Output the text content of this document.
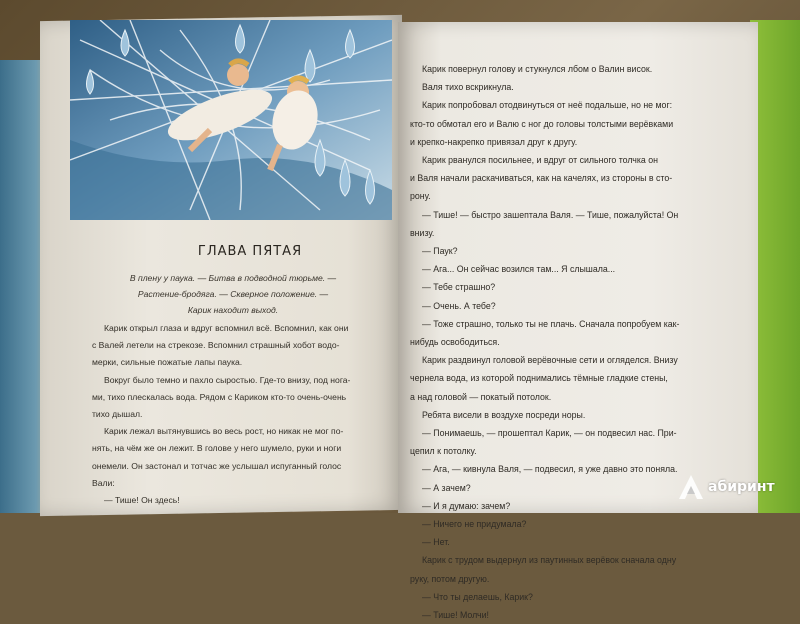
ГЛАВА ПЯТАЯ
В плену у паука. — Битва в подводной тюрьме. —
Растение-бродяга. — Скверное положение. —
Карик находит выход.
Карик открыл глаза и вдруг вспомнил всё. Вспомнил, как они
с Валей летели на стрекозе. Вспомнил страшный хобот водо-
мерки, сильные пожатые лапы паука.
Вокруг было темно и пахло сыростью. Где-то внизу, под нога-
ми, тихо плескалась вода. Рядом с Кариком кто-то очень-очень
тихо дышал.
Карик лежал вытянувшись во весь рост, но никак не мог по-
нять, на чём же он лежит. В голове у него шумело, руки и ноги
онемели. Он застонал и тотчас же услышал испуганный голос
Вали:
— Тише! Он здесь!
Карик повернул голову и стукнулся лбом о Валин висок.
Валя тихо вскрикнула.
Карик попробовал отодвинуться от неё подальше, но не мог:
кто-то обмотал его и Валю с ног до головы толстыми верёвками
и крепко-накрепко привязал друг к другу.
Карик рванулся посильнее, и вдруг от сильного толчка он
и Валя начали раскачиваться, как на качелях, из стороны в сто-
рону.
— Тише! — быстро зашептала Валя. — Тише, пожалуйста! Он
внизу.
— Паук?
— Ага... Он сейчас возился там... Я слышала...
— Тебе страшно?
— Очень. А тебе?
— Тоже страшно, только ты не плачь. Сначала попробуем как-
нибудь освободиться.
Карик раздвинул головой верёвочные сети и огляделся. Внизу
чернела вода, из которой поднимались тёмные гладкие стены,
а над головой — покатый потолок.
Ребята висели в воздухе посреди норы.
— Понимаешь, — прошептал Карик, — он подвесил нас. При-
цепил к потолку.
— Ага, — кивнула Валя, — подвесил, я уже давно это поняла.
— А зачем?
— И я думаю: зачем?
— Ничего не придумала?
— Нет.
Карик с трудом выдернул из паутинных верёвок сначала одну
руку, потом другую.
— Что ты делаешь, Карик?
— Тише! Молчи!
абиринт
